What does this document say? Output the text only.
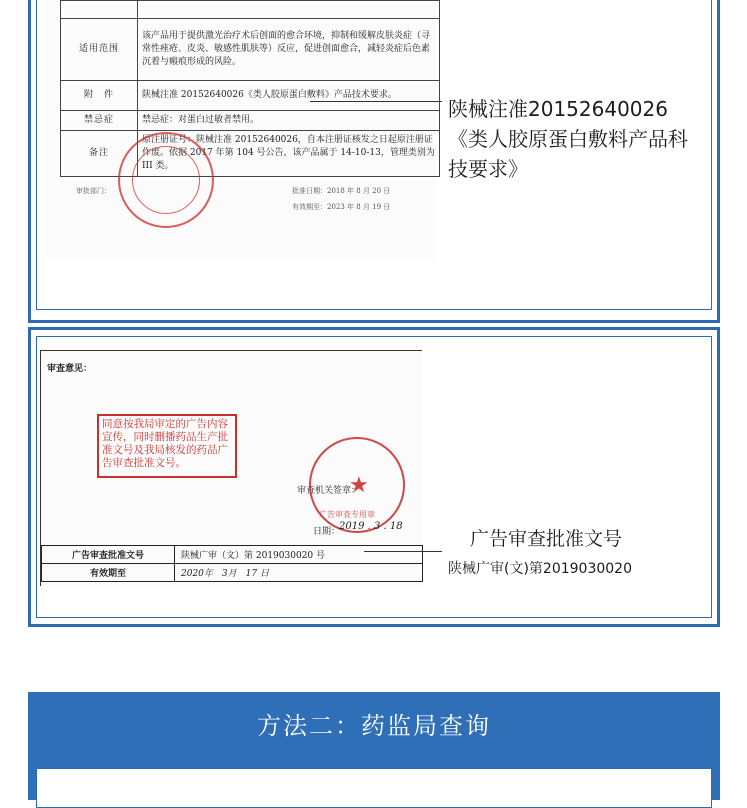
适用范围	该产品用于提供激光治疗术后创面的愈合环境，抑制和缓解皮肤炎症（寻常性痤疮、皮炎、敏感性肌肤等）反应，促进创面愈合，减轻炎症后色素沉着与瘢痕形成的风险。
附　件	陕械注准 20152640026《类人胶原蛋白敷料》产品技术要求。
禁忌症	禁忌症：对蛋白过敏者禁用。
备注	原注册证号：陕械注准 20152640026，自本注册证核发之日起原注册证作废。依据 2017 年第 104 号公告，该产品属于 14-10-13，管理类别为 III 类。
审批部门：	批准日期：2018 年 8 月 20 日
有效期至：2023 年 8 月 19 日
陕械注准20152640026
《类人胶原蛋白敷料产品科
技要求》
审查意见：
同意按我局审定的广告内容宣传，同时删播药品生产批准文号及我局核发的药品广告审查批准文号。
审查机关签章：
★
广告审查专用章
日期：
2019 . 3 . 18
广告审查批准文号	陕械广审（文）第 2019030020 号
有效期至	2020年　3月　17 日
广告审查批准文号
陕械广审(文)第2019030020
方法二：药监局查询
